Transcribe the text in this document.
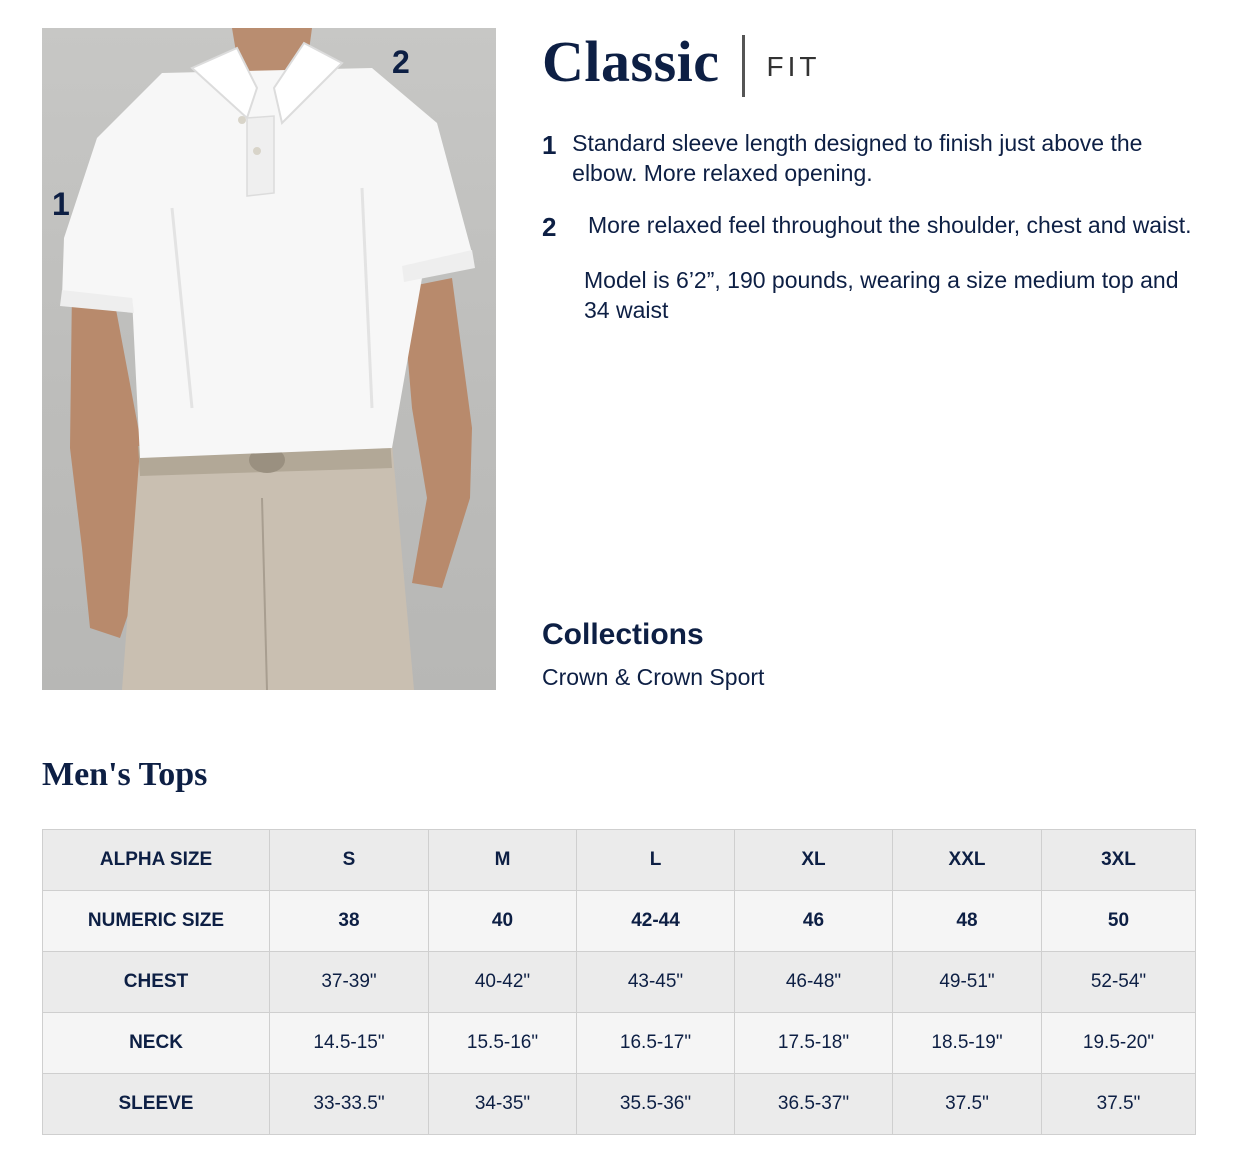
1
2 Classic FIT
1 Standard sleeve length designed to finish just above the elbow. More relaxed opening.
2	More relaxed feel throughout the shoulder, chest and waist.
Model is 6’2”, 190 pounds, wearing a size medium top and 34 waist
Collections
Crown & Crown Sport
Men's Tops
ALPHA SIZE	S	M	L	XL	XXL	3XL
NUMERIC SIZE	38	40	42-44	46	48	50
CHEST	37-39"	40-42"	43-45"	46-48"	49-51"	52-54"
NECK	14.5-15"	15.5-16"	16.5-17"	17.5-18"	18.5-19"	19.5-20"
SLEEVE	33-33.5"	34-35"	35.5-36"	36.5-37"	37.5"	37.5"
